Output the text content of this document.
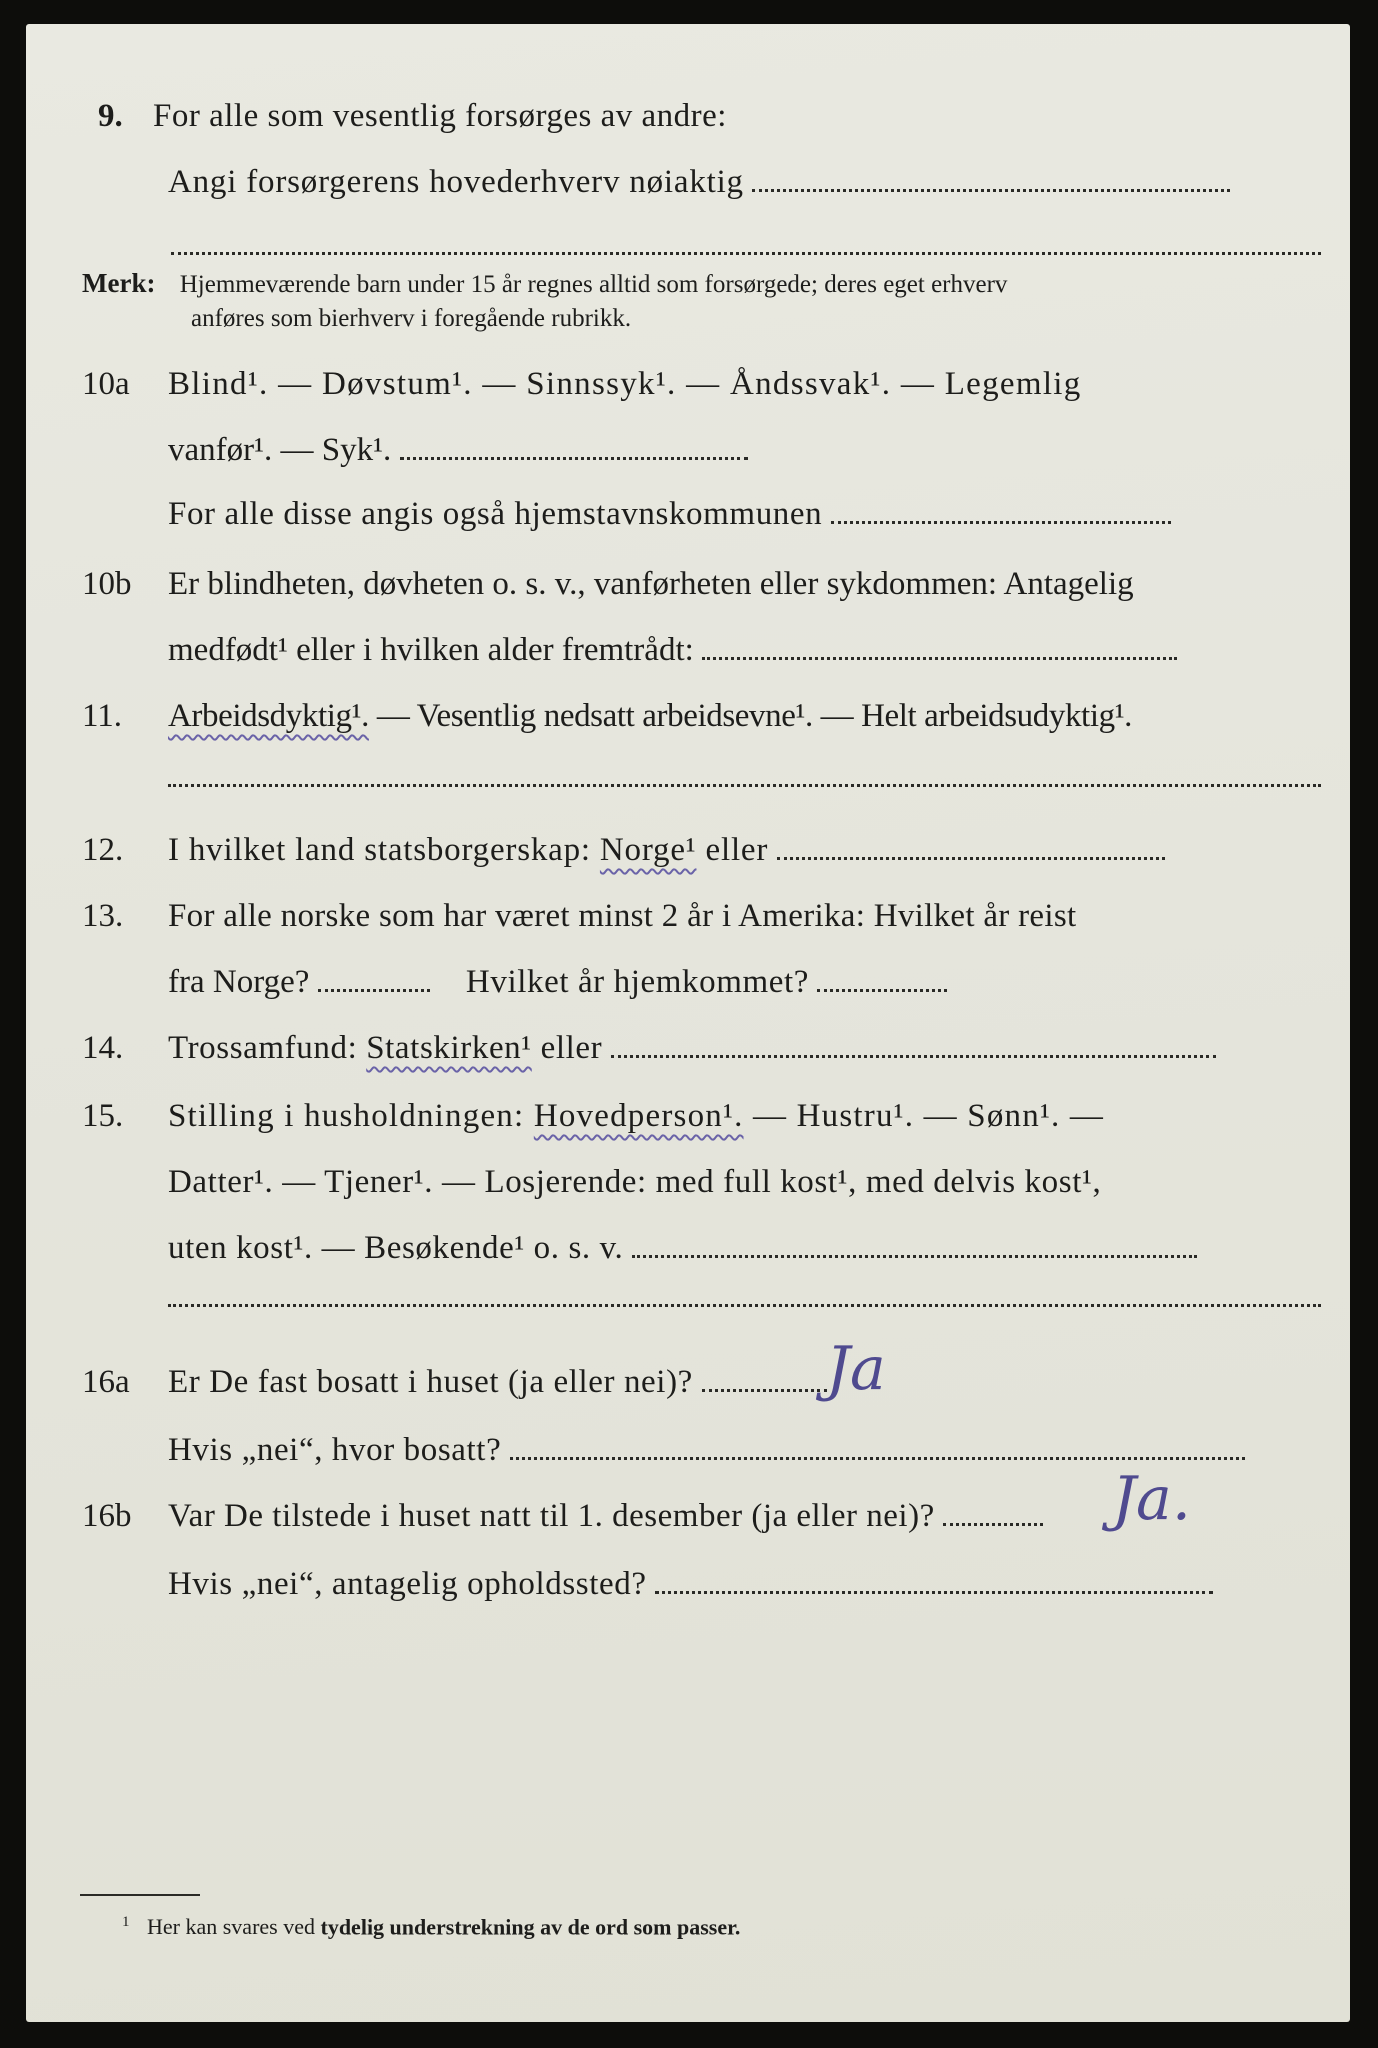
9. For alle som vesentlig forsørges av andre:
Angi forsørgerens hovederhverv nøiaktig
Merk: Hjemmeværende barn under 15 år regnes alltid som forsørgede; deres eget erhverv
anføres som bierhverv i foregående rubrikk.
10a Blind¹. — Døvstum¹. — Sinnssyk¹. — Åndssvak¹. — Legemlig
vanfør¹. — Syk¹.
For alle disse angis også hjemstavnskommunen
10b Er blindheten, døvheten o. s. v., vanførheten eller sykdommen: Antagelig
medfødt¹ eller i hvilken alder fremtrådt:
11. Arbeidsdyktig¹. — Vesentlig nedsatt arbeidsevne¹. — Helt arbeidsudyktig¹.
12. I hvilket land statsborgerskap: Norge¹ eller
13. For alle norske som har været minst 2 år i Amerika: Hvilket år reist
fra Norge?	Hvilket år hjemkommet?
14. Trossamfund: Statskirken¹ eller
15. Stilling i husholdningen: Hovedperson¹. — Hustru¹. — Sønn¹. —
Datter¹. — Tjener¹. — Losjerende: med full kost¹, med delvis kost¹,
uten kost¹. — Besøkende¹ o. s. v.
16a Er De fast bosatt i huset (ja eller nei)?	Ja
Hvis „nei“, hvor bosatt?
16b Var De tilstede i huset natt til 1. desember (ja eller nei)?	Ja.
Hvis „nei“, antagelig opholdssted?
$^1$ Her kan svares ved tydelig understrekning av de ord som passer.
